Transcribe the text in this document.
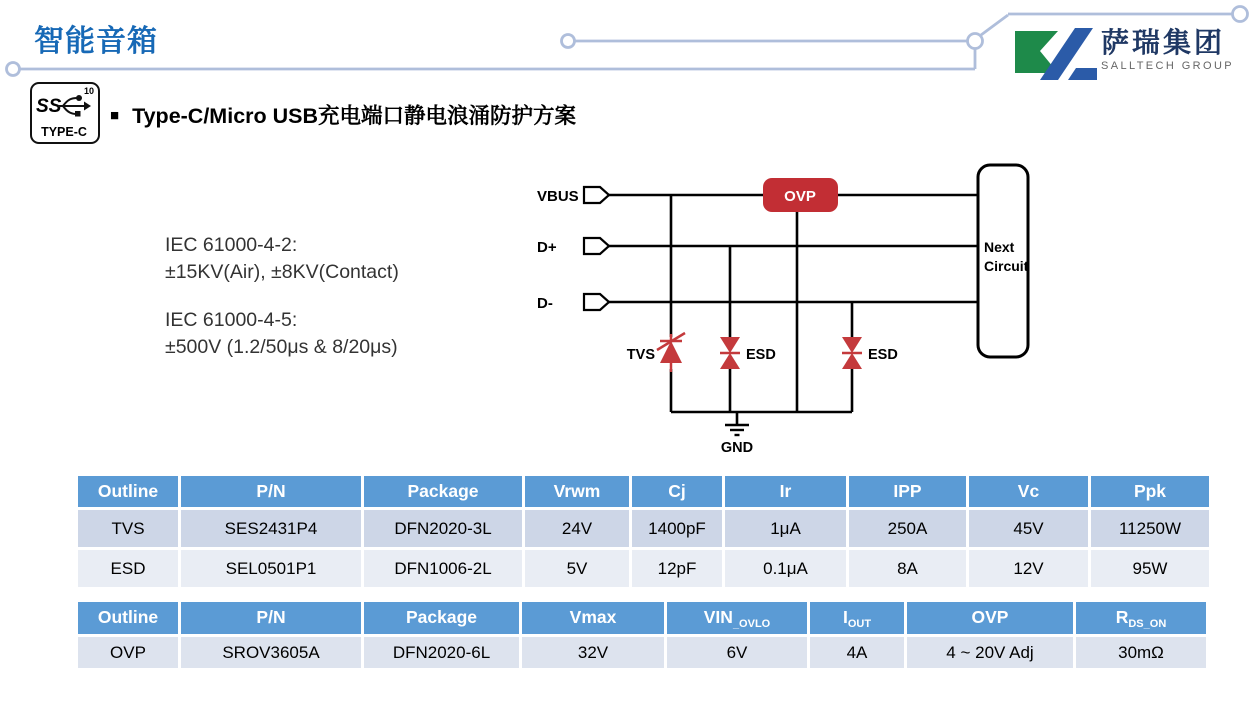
智能音箱	萨瑞集团
SALLTECH GROUP
SS
10
TYPE-C
■ Type-C/Micro USB充电端口静电浪涌防护方案
IEC 61000-4-2:
±15KV(Air), ±8KV(Contact)
IEC 61000-4-5:
±500V (1.2/50μs & 8/20μs)
GND
VBUS
D+
D-
OVP
Next
Circuit
TVS	ESD	ESD
Outline	P/N	Package	Vrwm	Cj	Ir	IPP	Vc	Ppk
TVS	SES2431P4	DFN2020-3L	24V	1400pF	1μA	250A	45V	11250W
ESD	SEL0501P1	DFN1006-2L	5V	12pF	0.1μA	8A	12V	95W
Outline	P/N	Package	Vmax	$VIN_{\_OVLO}$	$I_{OUT}$	OVP	$R_{DS\_ON}$
OVP	SROV3605A	DFN2020-6L	32V	6V	4A	4 ~ 20V Adj	30mΩ
